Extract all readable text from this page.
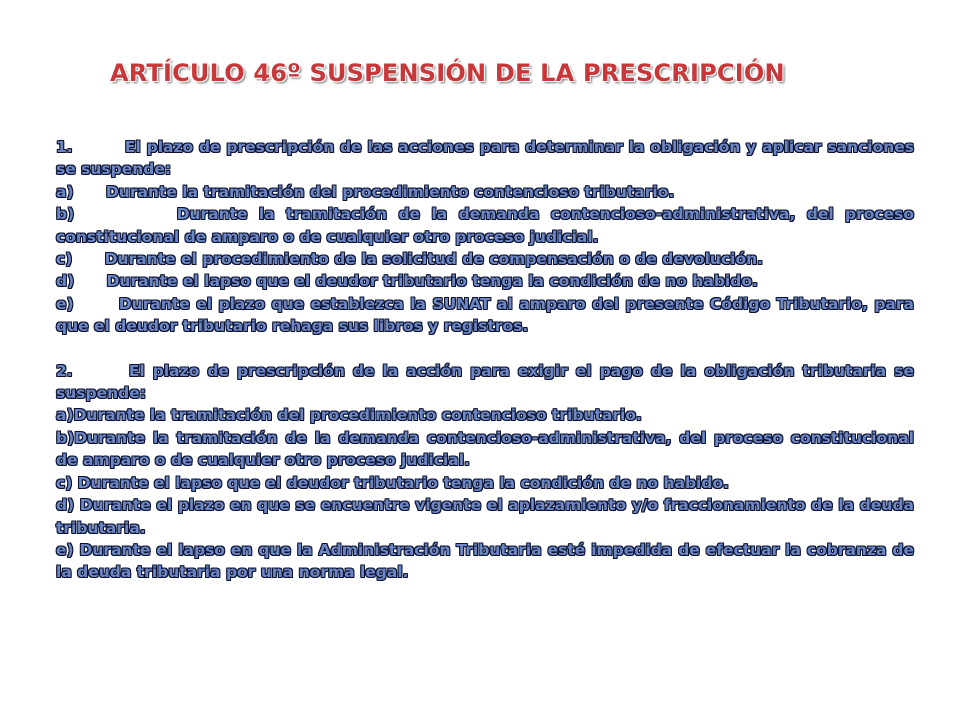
ARTÍCULO 46º SUSPENSIÓN DE LA PRESCRIPCIÓN

1.         El plazo de prescripción de las acciones para determinar la obligación y aplicar sanciones se suspende:

a)      Durante la tramitación del procedimiento contencioso tributario.

b)         Durante la tramitación de la demanda contencioso-administrativa, del proceso constitucional de amparo o de cualquier otro proceso judicial.

c)      Durante el procedimiento de la solicitud de compensación o de devolución.

d)      Durante el lapso que el deudor tributario tenga la condición de no habido.

e)       Durante el plazo que establezca la SUNAT al amparo del presente Código Tributario, para que el deudor tributario rehaga sus libros y registros.

2.       El plazo de prescripción de la acción para exigir el pago de la obligación tributaria se suspende:

a)Durante la tramitación del procedimiento contencioso tributario.

b)Durante la tramitación de la demanda contencioso-administrativa, del proceso constitucional de amparo o de cualquier otro proceso judicial.

c) Durante el lapso que el deudor tributario tenga la condición de no habido.

d) Durante el plazo en que se encuentre vigente el aplazamiento y/o fraccionamiento de la deuda tributaria.

e) Durante el lapso en que la Administración Tributaria esté impedida de efectuar la cobranza de la deuda tributaria por una norma legal.
